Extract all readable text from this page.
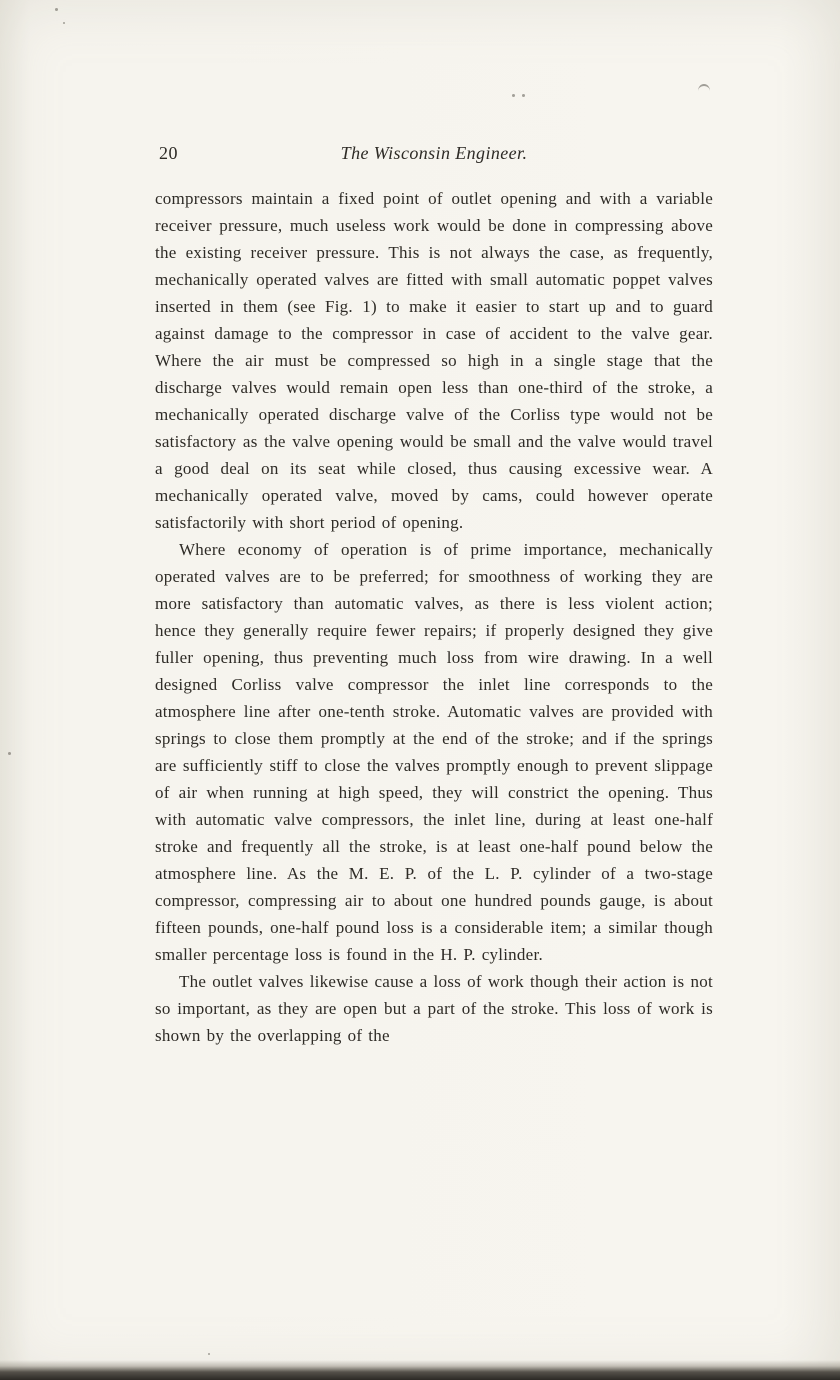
20	The Wisconsin Engineer.

compressors maintain a fixed point of outlet opening and with a variable receiver pressure, much useless work would be done in compressing above the existing receiver pressure. This is not always the case, as frequently, mechanically operated valves are fitted with small automatic poppet valves inserted in them (see Fig. 1) to make it easier to start up and to guard against damage to the compressor in case of accident to the valve gear. Where the air must be compressed so high in a single stage that the discharge valves would remain open less than one-third of the stroke, a mechanically operated discharge valve of the Corliss type would not be satisfactory as the valve opening would be small and the valve would travel a good deal on its seat while closed, thus causing excessive wear. A mechanically operated valve, moved by cams, could however operate satisfactorily with short period of opening.

Where economy of operation is of prime importance, mechanically operated valves are to be preferred; for smoothness of working they are more satisfactory than automatic valves, as there is less violent action; hence they generally require fewer repairs; if properly designed they give fuller opening, thus preventing much loss from wire drawing. In a well designed Corliss valve compressor the inlet line corresponds to the atmosphere line after one-tenth stroke. Automatic valves are provided with springs to close them promptly at the end of the stroke; and if the springs are sufficiently stiff to close the valves promptly enough to prevent slippage of air when running at high speed, they will constrict the opening. Thus with automatic valve compressors, the inlet line, during at least one-half stroke and frequently all the stroke, is at least one-half pound below the atmosphere line. As the M. E. P. of the L. P. cylinder of a two-stage compressor, compressing air to about one hundred pounds gauge, is about fifteen pounds, one-half pound loss is a considerable item; a similar though smaller percentage loss is found in the H. P. cylinder.

The outlet valves likewise cause a loss of work though their action is not so important, as they are open but a part of the stroke. This loss of work is shown by the overlapping of the
